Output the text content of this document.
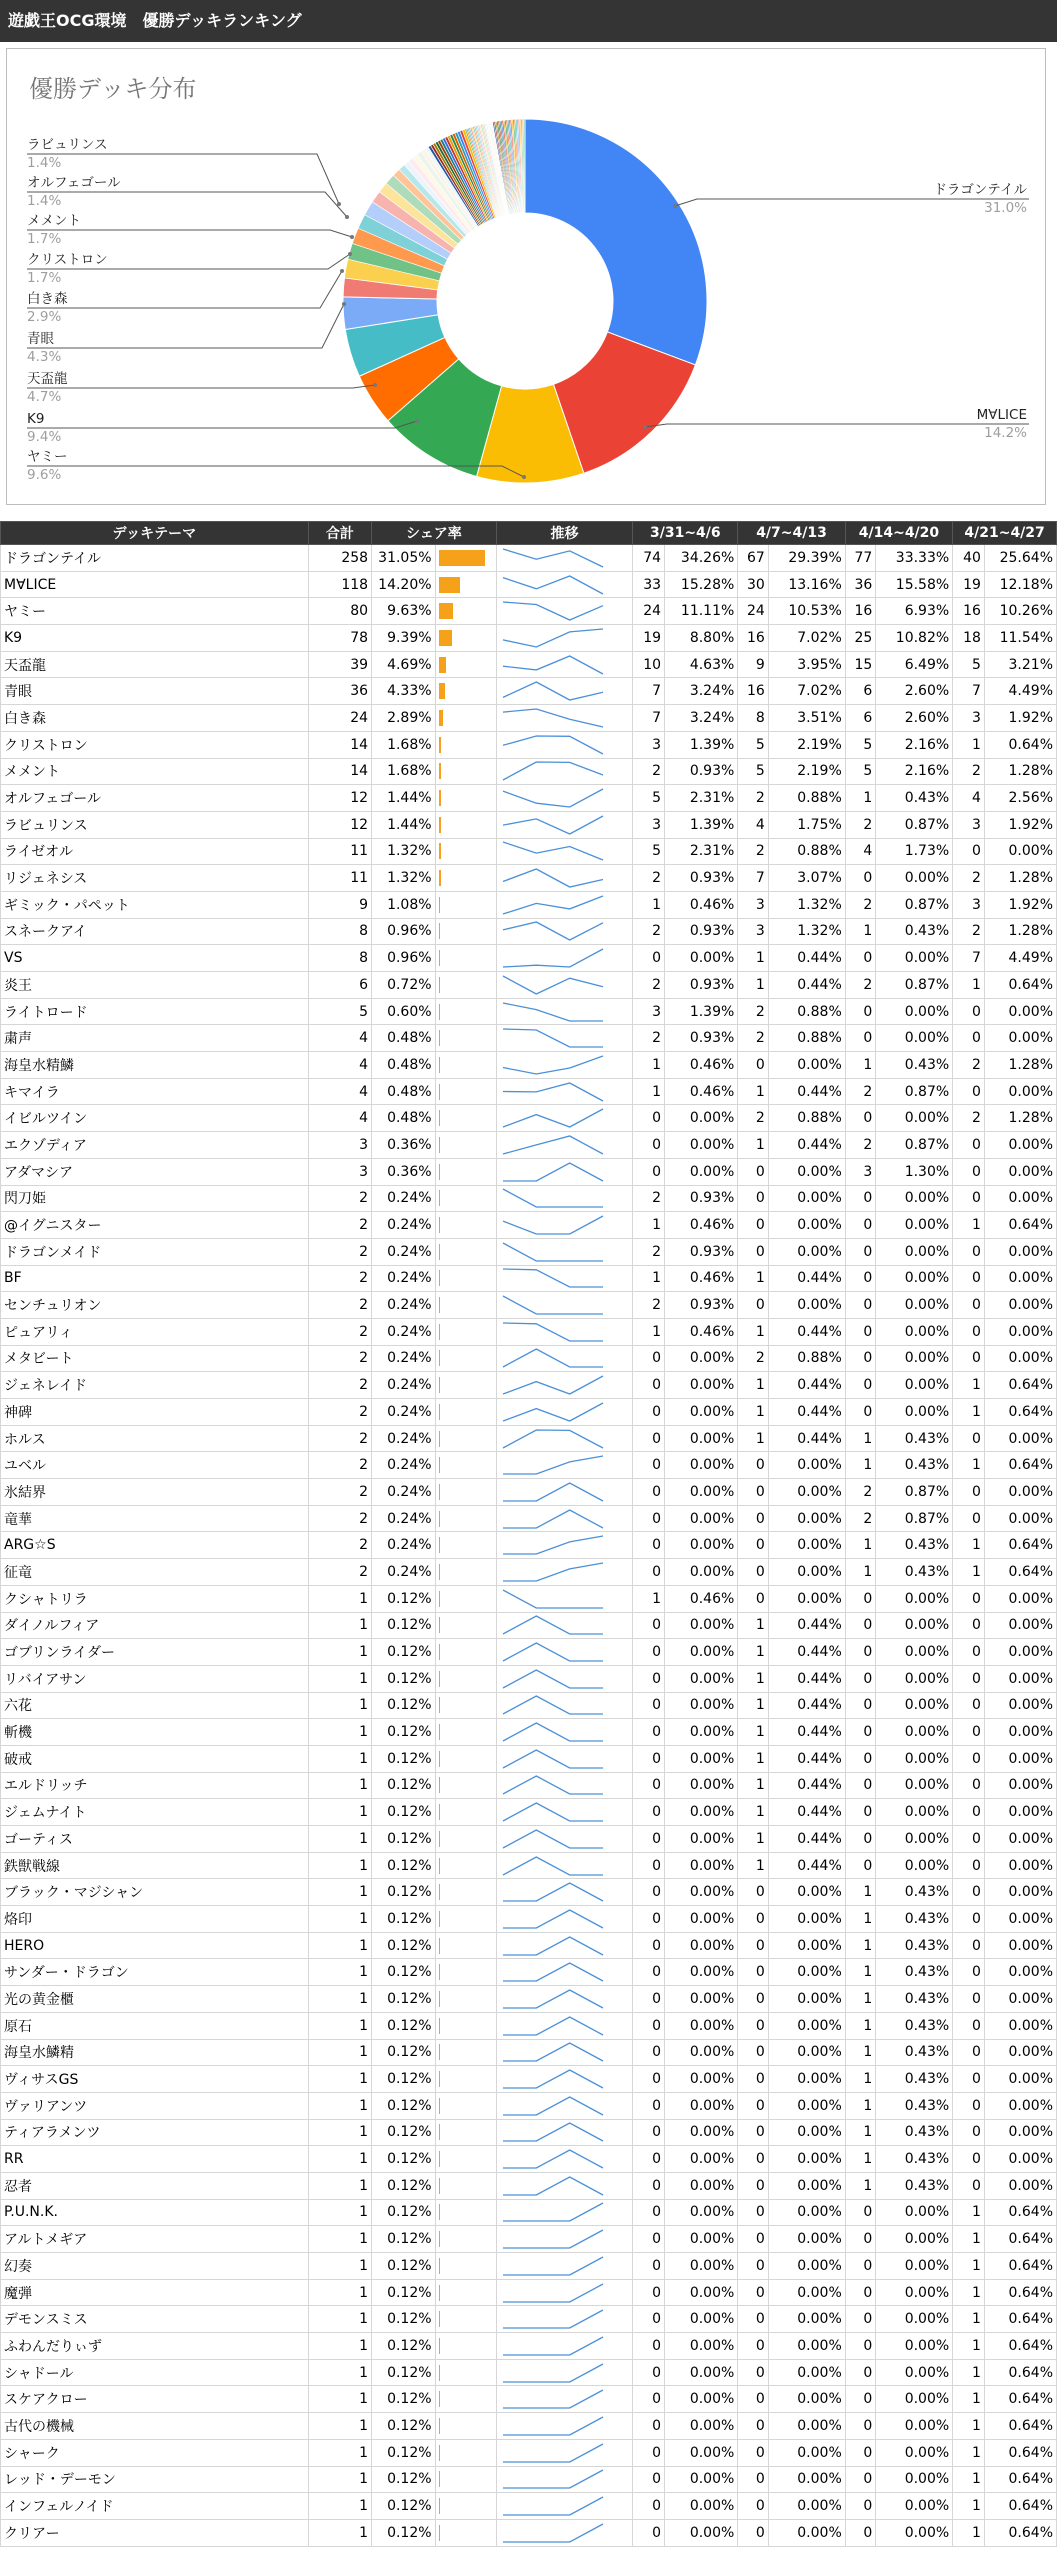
遊戯王OCG環境　優勝デッキランキング
優勝デッキ分布
ラビュリンス
1.4%
オルフェゴール
1.4%
メメント
1.7%
クリストロン
1.7%
白き森
2.9%
青眼
4.3%
天盃龍
4.7%
K9
9.4%
ヤミー
9.6%
ドラゴンテイル
31.0%
M∀LICE
14.2%
デッキテーマ	合計	シェア率		推移	3/31~4/6		4/7~4/13		4/14~4/20		4/21~4/27	
ドラゴンテイル	258	31.05%			74	34.26%	67	29.39%	77	33.33%	40	25.64%
M∀LICE	118	14.20%			33	15.28%	30	13.16%	36	15.58%	19	12.18%
ヤミー	80	9.63%			24	11.11%	24	10.53%	16	6.93%	16	10.26%
K9	78	9.39%			19	8.80%	16	7.02%	25	10.82%	18	11.54%
天盃龍	39	4.69%			10	4.63%	9	3.95%	15	6.49%	5	3.21%
青眼	36	4.33%			7	3.24%	16	7.02%	6	2.60%	7	4.49%
白き森	24	2.89%			7	3.24%	8	3.51%	6	2.60%	3	1.92%
クリストロン	14	1.68%			3	1.39%	5	2.19%	5	2.16%	1	0.64%
メメント	14	1.68%			2	0.93%	5	2.19%	5	2.16%	2	1.28%
オルフェゴール	12	1.44%			5	2.31%	2	0.88%	1	0.43%	4	2.56%
ラビュリンス	12	1.44%			3	1.39%	4	1.75%	2	0.87%	3	1.92%
ライゼオル	11	1.32%			5	2.31%	2	0.88%	4	1.73%	0	0.00%
リジェネシス	11	1.32%			2	0.93%	7	3.07%	0	0.00%	2	1.28%
ギミック・パペット	9	1.08%			1	0.46%	3	1.32%	2	0.87%	3	1.92%
スネークアイ	8	0.96%			2	0.93%	3	1.32%	1	0.43%	2	1.28%
VS	8	0.96%			0	0.00%	1	0.44%	0	0.00%	7	4.49%
炎王	6	0.72%			2	0.93%	1	0.44%	2	0.87%	1	0.64%
ライトロード	5	0.60%			3	1.39%	2	0.88%	0	0.00%	0	0.00%
粛声	4	0.48%			2	0.93%	2	0.88%	0	0.00%	0	0.00%
海皇水精鱗	4	0.48%			1	0.46%	0	0.00%	1	0.43%	2	1.28%
キマイラ	4	0.48%			1	0.46%	1	0.44%	2	0.87%	0	0.00%
イビルツイン	4	0.48%			0	0.00%	2	0.88%	0	0.00%	2	1.28%
エクゾディア	3	0.36%			0	0.00%	1	0.44%	2	0.87%	0	0.00%
アダマシア	3	0.36%			0	0.00%	0	0.00%	3	1.30%	0	0.00%
閃刀姫	2	0.24%			2	0.93%	0	0.00%	0	0.00%	0	0.00%
@イグニスター	2	0.24%			1	0.46%	0	0.00%	0	0.00%	1	0.64%
ドラゴンメイド	2	0.24%			2	0.93%	0	0.00%	0	0.00%	0	0.00%
BF	2	0.24%			1	0.46%	1	0.44%	0	0.00%	0	0.00%
センチュリオン	2	0.24%			2	0.93%	0	0.00%	0	0.00%	0	0.00%
ピュアリィ	2	0.24%			1	0.46%	1	0.44%	0	0.00%	0	0.00%
メタビート	2	0.24%			0	0.00%	2	0.88%	0	0.00%	0	0.00%
ジェネレイド	2	0.24%			0	0.00%	1	0.44%	0	0.00%	1	0.64%
神碑	2	0.24%			0	0.00%	1	0.44%	0	0.00%	1	0.64%
ホルス	2	0.24%			0	0.00%	1	0.44%	1	0.43%	0	0.00%
ユベル	2	0.24%			0	0.00%	0	0.00%	1	0.43%	1	0.64%
氷結界	2	0.24%			0	0.00%	0	0.00%	2	0.87%	0	0.00%
竜華	2	0.24%			0	0.00%	0	0.00%	2	0.87%	0	0.00%
ARG☆S	2	0.24%			0	0.00%	0	0.00%	1	0.43%	1	0.64%
征竜	2	0.24%			0	0.00%	0	0.00%	1	0.43%	1	0.64%
クシャトリラ	1	0.12%			1	0.46%	0	0.00%	0	0.00%	0	0.00%
ダイノルフィア	1	0.12%			0	0.00%	1	0.44%	0	0.00%	0	0.00%
ゴブリンライダー	1	0.12%			0	0.00%	1	0.44%	0	0.00%	0	0.00%
リバイアサン	1	0.12%			0	0.00%	1	0.44%	0	0.00%	0	0.00%
六花	1	0.12%			0	0.00%	1	0.44%	0	0.00%	0	0.00%
斬機	1	0.12%			0	0.00%	1	0.44%	0	0.00%	0	0.00%
破戒	1	0.12%			0	0.00%	1	0.44%	0	0.00%	0	0.00%
エルドリッチ	1	0.12%			0	0.00%	1	0.44%	0	0.00%	0	0.00%
ジェムナイト	1	0.12%			0	0.00%	1	0.44%	0	0.00%	0	0.00%
ゴーティス	1	0.12%			0	0.00%	1	0.44%	0	0.00%	0	0.00%
鉄獣戦線	1	0.12%			0	0.00%	1	0.44%	0	0.00%	0	0.00%
ブラック・マジシャン	1	0.12%			0	0.00%	0	0.00%	1	0.43%	0	0.00%
烙印	1	0.12%			0	0.00%	0	0.00%	1	0.43%	0	0.00%
HERO	1	0.12%			0	0.00%	0	0.00%	1	0.43%	0	0.00%
サンダー・ドラゴン	1	0.12%			0	0.00%	0	0.00%	1	0.43%	0	0.00%
光の黄金櫃	1	0.12%			0	0.00%	0	0.00%	1	0.43%	0	0.00%
原石	1	0.12%			0	0.00%	0	0.00%	1	0.43%	0	0.00%
海皇水鱗精	1	0.12%			0	0.00%	0	0.00%	1	0.43%	0	0.00%
ヴィサスGS	1	0.12%			0	0.00%	0	0.00%	1	0.43%	0	0.00%
ヴァリアンツ	1	0.12%			0	0.00%	0	0.00%	1	0.43%	0	0.00%
ティアラメンツ	1	0.12%			0	0.00%	0	0.00%	1	0.43%	0	0.00%
RR	1	0.12%			0	0.00%	0	0.00%	1	0.43%	0	0.00%
忍者	1	0.12%			0	0.00%	0	0.00%	1	0.43%	0	0.00%
P.U.N.K.	1	0.12%			0	0.00%	0	0.00%	0	0.00%	1	0.64%
アルトメギア	1	0.12%			0	0.00%	0	0.00%	0	0.00%	1	0.64%
幻奏	1	0.12%			0	0.00%	0	0.00%	0	0.00%	1	0.64%
魔弾	1	0.12%			0	0.00%	0	0.00%	0	0.00%	1	0.64%
デモンスミス	1	0.12%			0	0.00%	0	0.00%	0	0.00%	1	0.64%
ふわんだりぃず	1	0.12%			0	0.00%	0	0.00%	0	0.00%	1	0.64%
シャドール	1	0.12%			0	0.00%	0	0.00%	0	0.00%	1	0.64%
スケアクロー	1	0.12%			0	0.00%	0	0.00%	0	0.00%	1	0.64%
古代の機械	1	0.12%			0	0.00%	0	0.00%	0	0.00%	1	0.64%
シャーク	1	0.12%			0	0.00%	0	0.00%	0	0.00%	1	0.64%
レッド・デーモン	1	0.12%			0	0.00%	0	0.00%	0	0.00%	1	0.64%
インフェルノイド	1	0.12%			0	0.00%	0	0.00%	0	0.00%	1	0.64%
クリアー	1	0.12%			0	0.00%	0	0.00%	0	0.00%	1	0.64%
